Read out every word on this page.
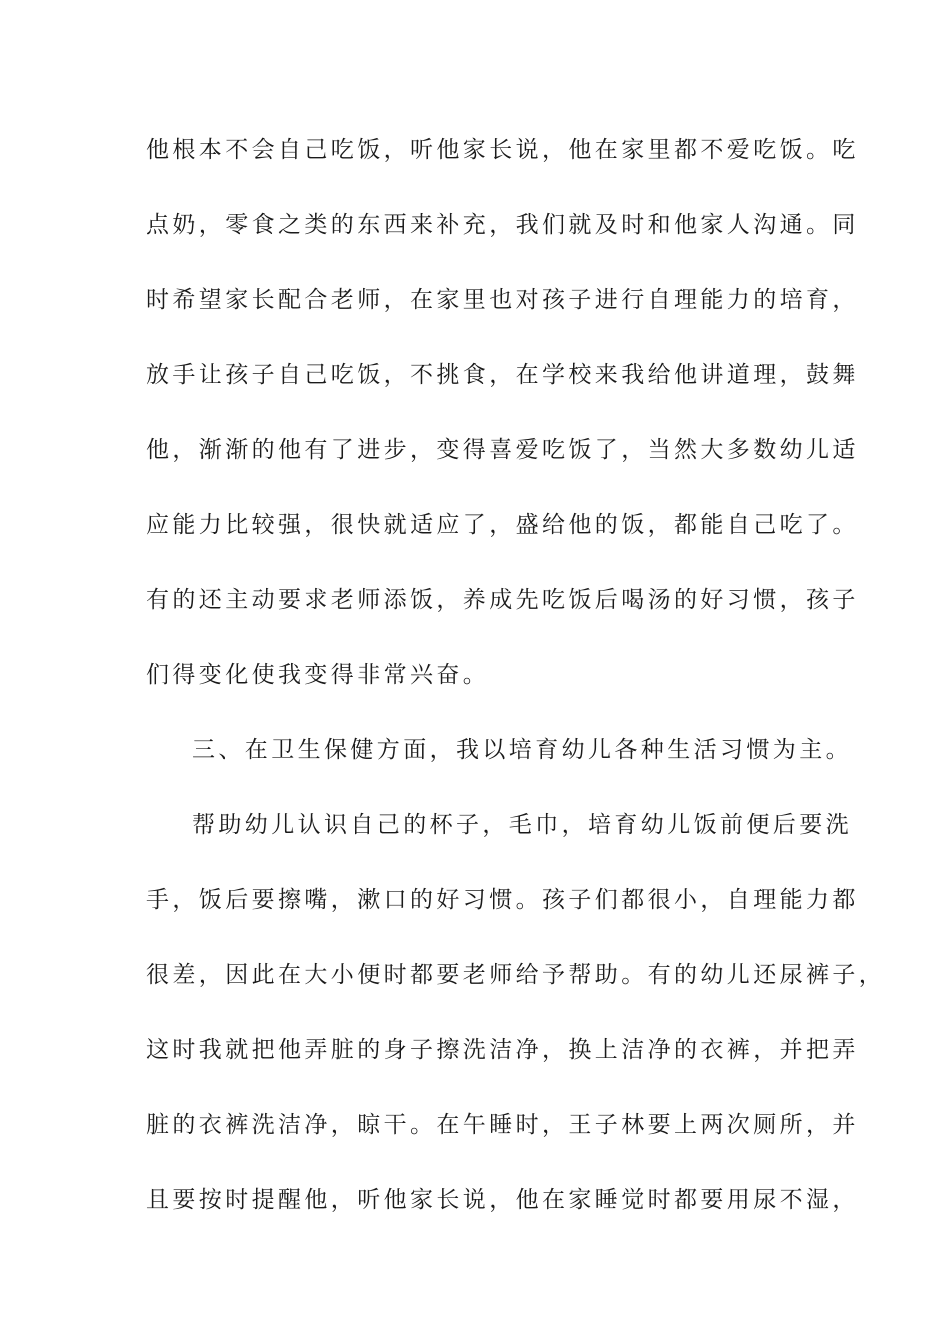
他根本不会自己吃饭，听他家长说，他在家里都不爱吃饭。吃
点奶，零食之类的东西来补充，我们就及时和他家人沟通。同
时希望家长配合老师，在家里也对孩子进行自理能力的培育，
放手让孩子自己吃饭，不挑食，在学校来我给他讲道理，鼓舞
他，渐渐的他有了进步，变得喜爱吃饭了，当然大多数幼儿适
应能力比较强，很快就适应了，盛给他的饭，都能自己吃了。
有的还主动要求老师添饭，养成先吃饭后喝汤的好习惯，孩子
们得变化使我变得非常兴奋。
三、在卫生保健方面，我以培育幼儿各种生活习惯为主。
帮助幼儿认识自己的杯子，毛巾，培育幼儿饭前便后要洗
手，饭后要擦嘴，漱口的好习惯。孩子们都很小，自理能力都
很差，因此在大小便时都要老师给予帮助。有的幼儿还尿裤子，
这时我就把他弄脏的身子擦洗洁净，换上洁净的衣裤，并把弄
脏的衣裤洗洁净，晾干。在午睡时，王子林要上两次厕所，并
且要按时提醒他，听他家长说，他在家睡觉时都要用尿不湿，
